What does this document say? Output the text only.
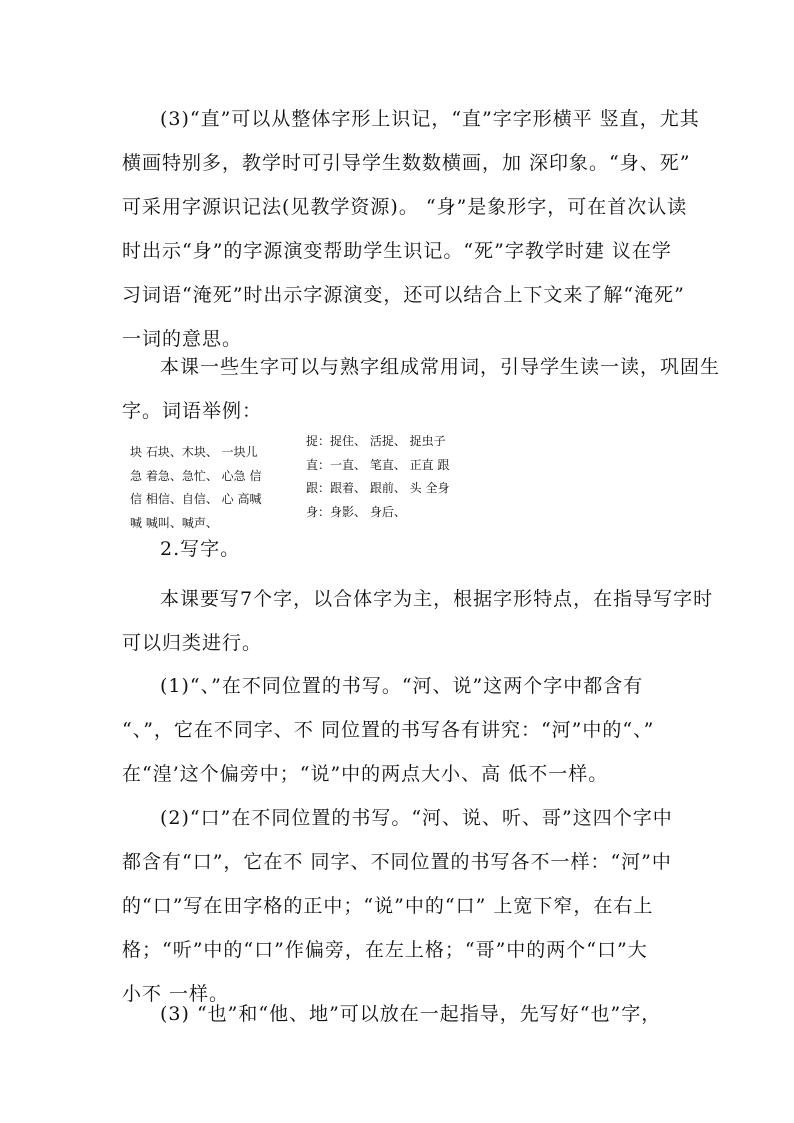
(3)“直”可以从整体字形上识记，“直”字字形横平 竖直，尤其
横画特别多，教学时可引导学生数数横画，加 深印象。“身、死”
可采用字源识记法(见教学资源)。 “身”是象形字，可在首次认读
时出示“身”的字源演变帮助学生识记。“死”字教学时建 议在学
习词语“淹死”时出示字源演变，还可以结合上下文来了解“淹死”
一词的意思。
本课一些生字可以与熟字组成常用词，引导学生读一读，巩固生
字。词语举例：
块 石块、木块、 一块儿
急 着急、急忙、 心急 信
信 相信、自信、 心 高喊
喊 喊叫、喊声、
捉：捉住、 活捉、 捉虫子
直：一直、 笔直、 正直 跟
跟：跟着、 跟前、 头 全身
身：身影、 身后、
2.写字。
本课要写7个字，以合体字为主，根据字形特点，在指导写字时
可以归类进行。
(1)“、”在不同位置的书写。“河、说”这两个字中都含有
“、”，它在不同字、不 同位置的书写各有讲究：“河”中的“、”
在“湟’这个偏旁中；“说”中的两点大小、高 低不一样。
(2)“口”在不同位置的书写。“河、说、听、哥”这四个字中
都含有“口”，它在不 同字、不同位置的书写各不一样：“河”中
的“口”写在田字格的正中；“说”中的“口” 上宽下窄，在右上
格；“听”中的“口”作偏旁，在左上格；“哥”中的两个“口”大
小不 一样。
(3) “也”和“他、地”可以放在一起指导，先写好“也”字，
